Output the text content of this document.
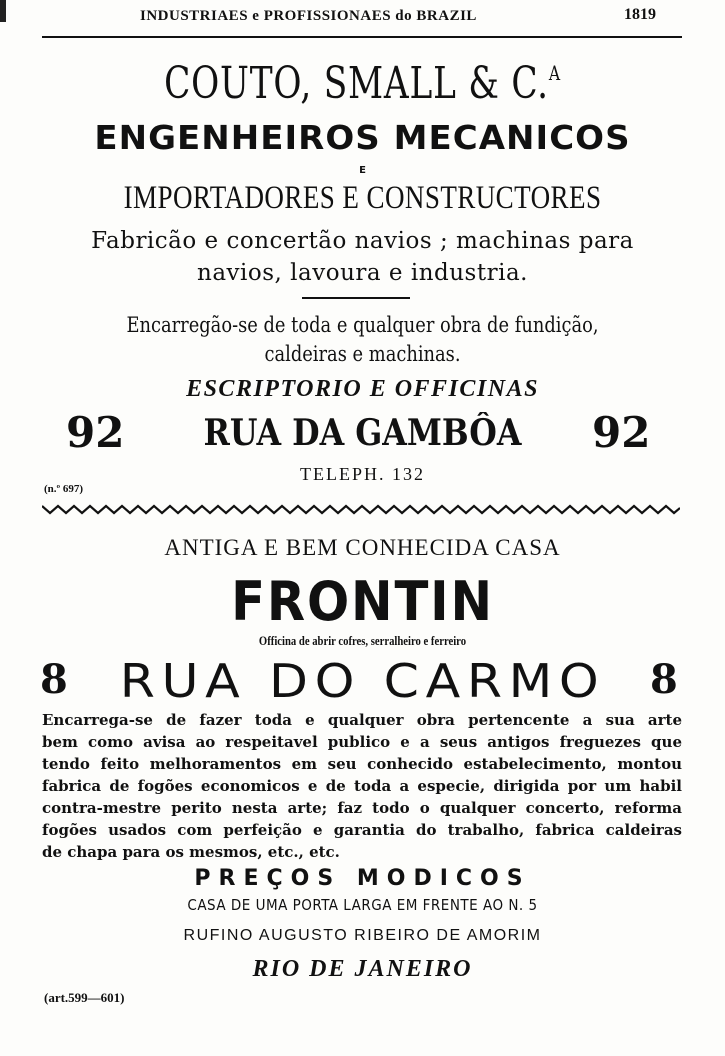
INDUSTRIAES e PROFISSIONAES do BRAZIL	1819
COUTO, SMALL & C.$^A$
ENGENHEIROS MECANICOS
E
IMPORTADORES E CONSTRUCTORES
Fabricão e concertão navios ; machinas para
navios, lavoura e industria.
Encarregão-se de toda e qualquer obra de fundição,
caldeiras e machinas.
ESCRIPTORIO E OFFICINAS
92	RUA DA GAMBÔA	92
TELEPH. 132
(n.º 697)
ANTIGA E BEM CONHECIDA CASA
FRONTIN
Officina de abrir cofres, serralheiro e ferreiro
8	RUA DO CARMO	8
Encarrega-se de fazer toda e qualquer obra pertencente a sua arte
bem como avisa ao respeitavel publico e a seus antigos freguezes que
tendo feito melhoramentos em seu conhecido estabelecimento, montou
fabrica de fogões economicos e de toda a especie, dirigida por um habil
contra-mestre perito nesta arte; faz todo o qualquer concerto, reforma
fogões usados com perfeição e garantia do trabalho, fabrica caldeiras
de chapa para os mesmos, etc., etc.
PREÇOS MODICOS
CASA DE UMA PORTA LARGA EM FRENTE AO N. 5
RUFINO AUGUSTO RIBEIRO DE AMORIM
RIO DE JANEIRO
(art.599—601)
